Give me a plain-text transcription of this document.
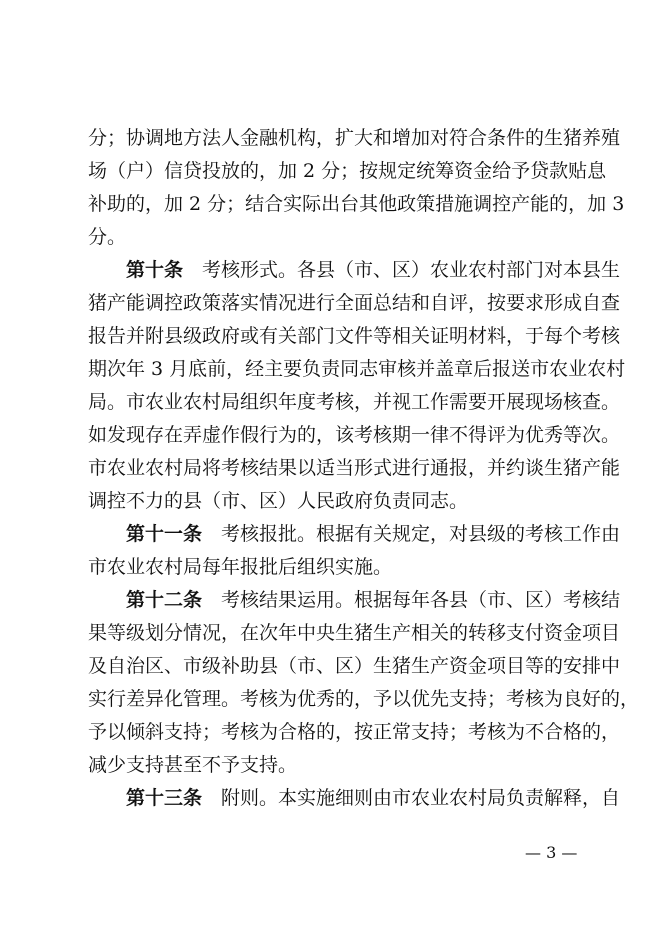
分；协调地方法人金融机构，扩大和增加对符合条件的生猪养殖
场（户）信贷投放的，加 2 分；按规定统筹资金给予贷款贴息
补助的，加 2 分；结合实际出台其他政策措施调控产能的，加 3
分。
第十条　 考核形式。各县（市、区）农业农村部门对本县生
猪产能调控政策落实情况进行全面总结和自评，按要求形成自查
报告并附县级政府或有关部门文件等相关证明材料，于每个考核
期次年 3 月底前，经主要负责同志审核并盖章后报送市农业农村
局。市农业农村局组织年度考核，并视工作需要开展现场核查。
如发现存在弄虚作假行为的，该考核期一律不得评为优秀等次。
市农业农村局将考核结果以适当形式进行通报，并约谈生猪产能
调控不力的县（市、区）人民政府负责同志。
第十一条　 考核报批。根据有关规定，对县级的考核工作由
市农业农村局每年报批后组织实施。
第十二条　 考核结果运用。根据每年各县（市、区）考核结
果等级划分情况，在次年中央生猪生产相关的转移支付资金项目
及自治区、市级补助县（市、区）生猪生产资金项目等的安排中
实行差异化管理。考核为优秀的，予以优先支持；考核为良好的，
予以倾斜支持；考核为合格的，按正常支持；考核为不合格的，
减少支持甚至不予支持。
第十三条　 附则。本实施细则由市农业农村局负责解释，自
— 3 —
